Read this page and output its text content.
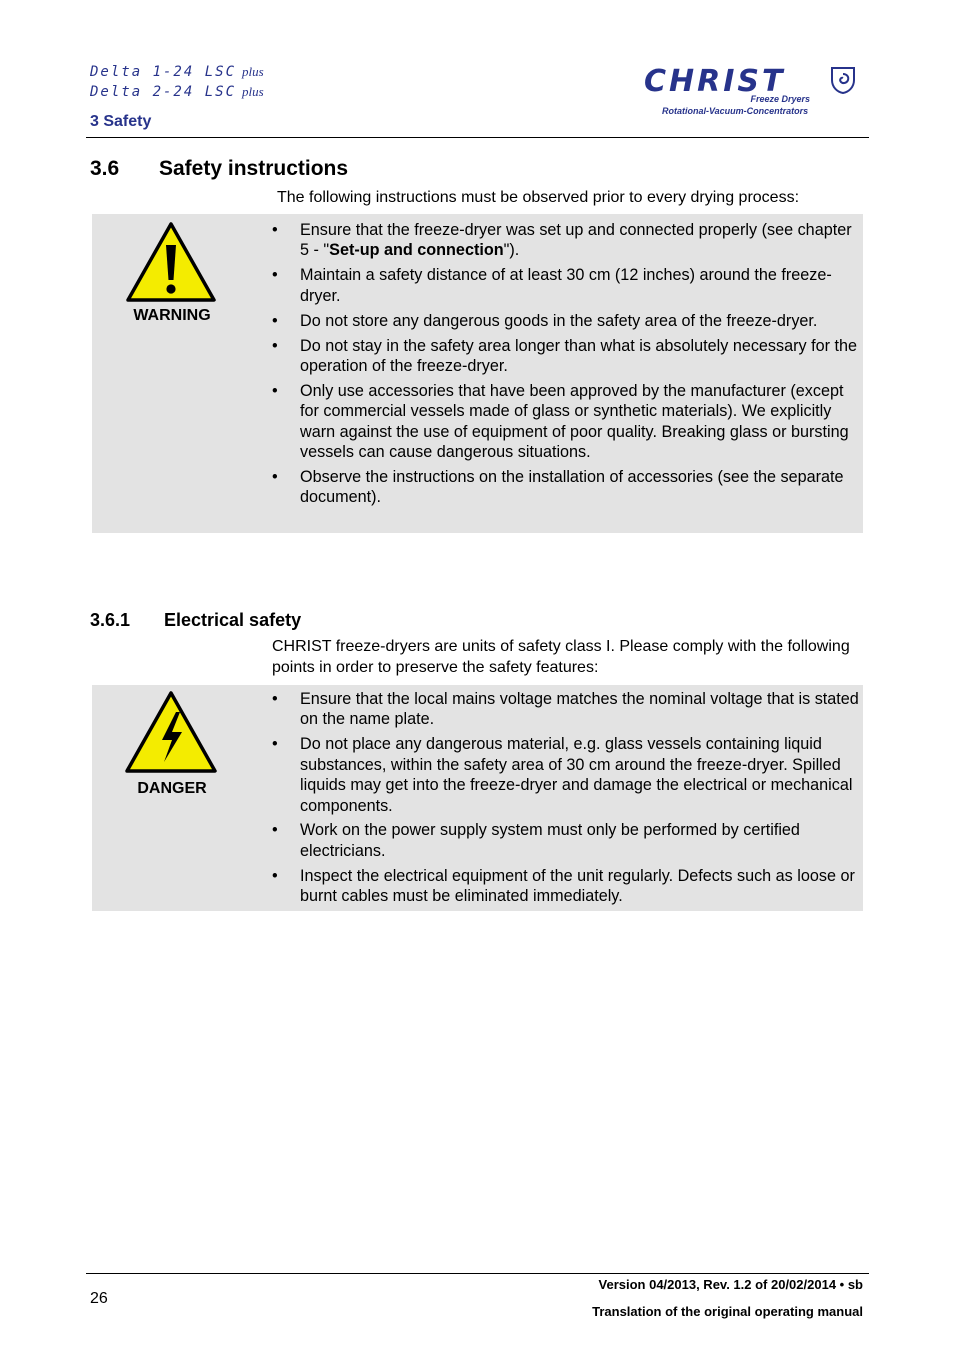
Delta 1-24 LSC plus
Delta 2-24 LSC plus
3 Safety
CHRIST
Freeze Dryers
Rotational-Vacuum-Concentrators
3.6 Safety instructions
The following instructions must be observed prior to every drying process:
WARNING
• Ensure that the freeze-dryer was set up and connected properly (see chapter 5 - "Set-up and connection").
• Maintain a safety distance of at least 30 cm (12 inches) around the freeze-dryer.
• Do not store any dangerous goods in the safety area of the freeze-dryer.
• Do not stay in the safety area longer than what is absolutely necessary for the operation of the freeze-dryer.
• Only use accessories that have been approved by the manufacturer (except for commercial vessels made of glass or synthetic materials). We explicitly warn against the use of equipment of poor quality. Breaking glass or bursting vessels can cause dangerous situations.
• Observe the instructions on the installation of accessories (see the separate document).
3.6.1 Electrical safety
CHRIST freeze-dryers are units of safety class I. Please comply with the following points in order to preserve the safety features:
DANGER
• Ensure that the local mains voltage matches the nominal voltage that is stated on the name plate.
• Do not place any dangerous material, e.g. glass vessels containing liquid substances, within the safety area of 30 cm around the freeze-dryer. Spilled liquids may get into the freeze-dryer and damage the electrical or mechanical components.
• Work on the power supply system must only be performed by certified electricians.
• Inspect the electrical equipment of the unit regularly. Defects such as loose or burnt cables must be eliminated immediately.
26
Version 04/2013, Rev. 1.2 of 20/02/2014 • sb
Translation of the original operating manual
